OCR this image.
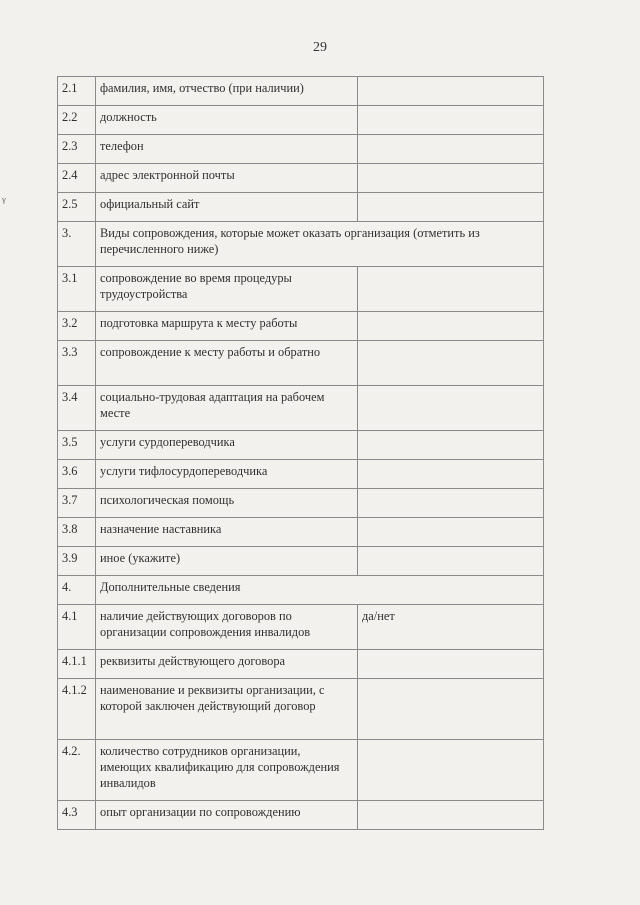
29
ᵞ
2.1	фамилия, имя, отчество (при наличии)	
2.2	должность	
2.3	телефон	
2.4	адрес электронной почты	
2.5	официальный сайт	
3.	Виды сопровождения, которые может оказать организация (отметить из перечисленного ниже)	
3.1	сопровождение во время процедуры трудоустройства	
3.2	подготовка маршрута к месту работы	
3.3	сопровождение к месту работы и обратно	
3.4	социально-трудовая адаптация на рабочем месте	
3.5	услуги сурдопереводчика	
3.6	услуги тифлосурдопереводчика	
3.7	психологическая помощь	
3.8	назначение наставника	
3.9	иное (укажите)	
4.	Дополнительные сведения	
4.1	наличие действующих договоров по организации сопровождения инвалидов	да/нет
4.1.1	реквизиты действующего договора	
4.1.2	наименование и реквизиты организации, с которой заключен действующий договор	
4.2.	количество сотрудников организации, имеющих квалификацию для сопровождения инвалидов	
4.3	опыт организации по сопровождению	
